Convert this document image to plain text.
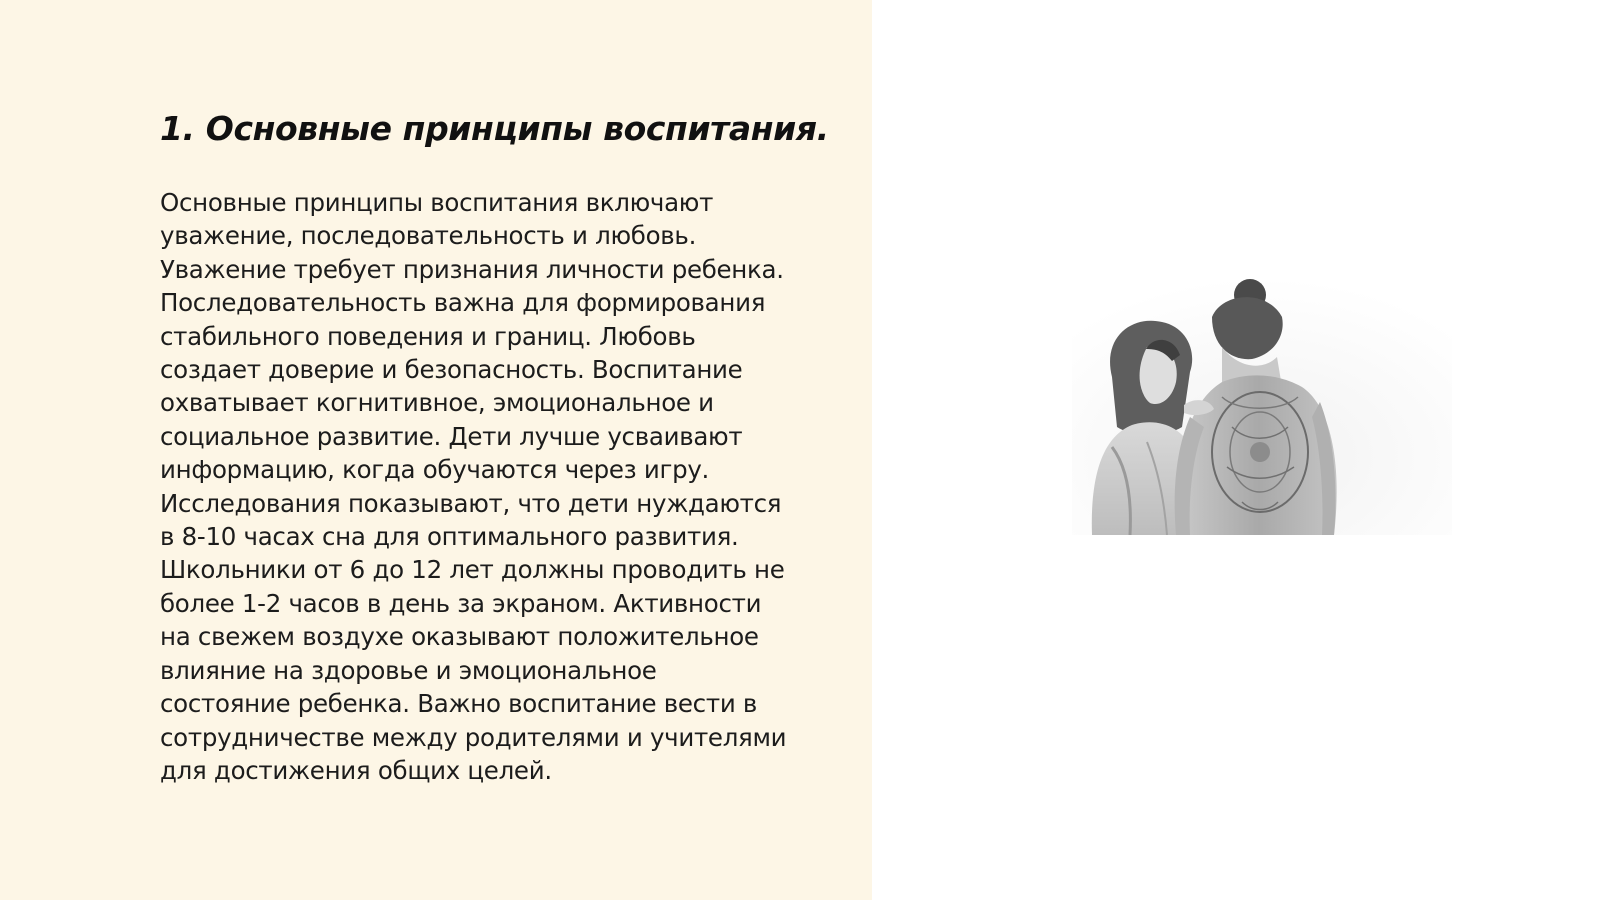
1. Основные принципы воспитания.
Основные принципы воспитания включают
уважение, последовательность и любовь.
Уважение требует признания личности ребенка.
Последовательность важна для формирования
стабильного поведения и границ. Любовь
создает доверие и безопасность. Воспитание
охватывает когнитивное, эмоциональное и
социальное развитие. Дети лучше усваивают
информацию, когда обучаются через игру.
Исследования показывают, что дети нуждаются
в 8-10 часах сна для оптимального развития.
Школьники от 6 до 12 лет должны проводить не
более 1-2 часов в день за экраном. Активности
на свежем воздухе оказывают положительное
влияние на здоровье и эмоциональное
состояние ребенка. Важно воспитание вести в
сотрудничестве между родителями и учителями
для достижения общих целей.
